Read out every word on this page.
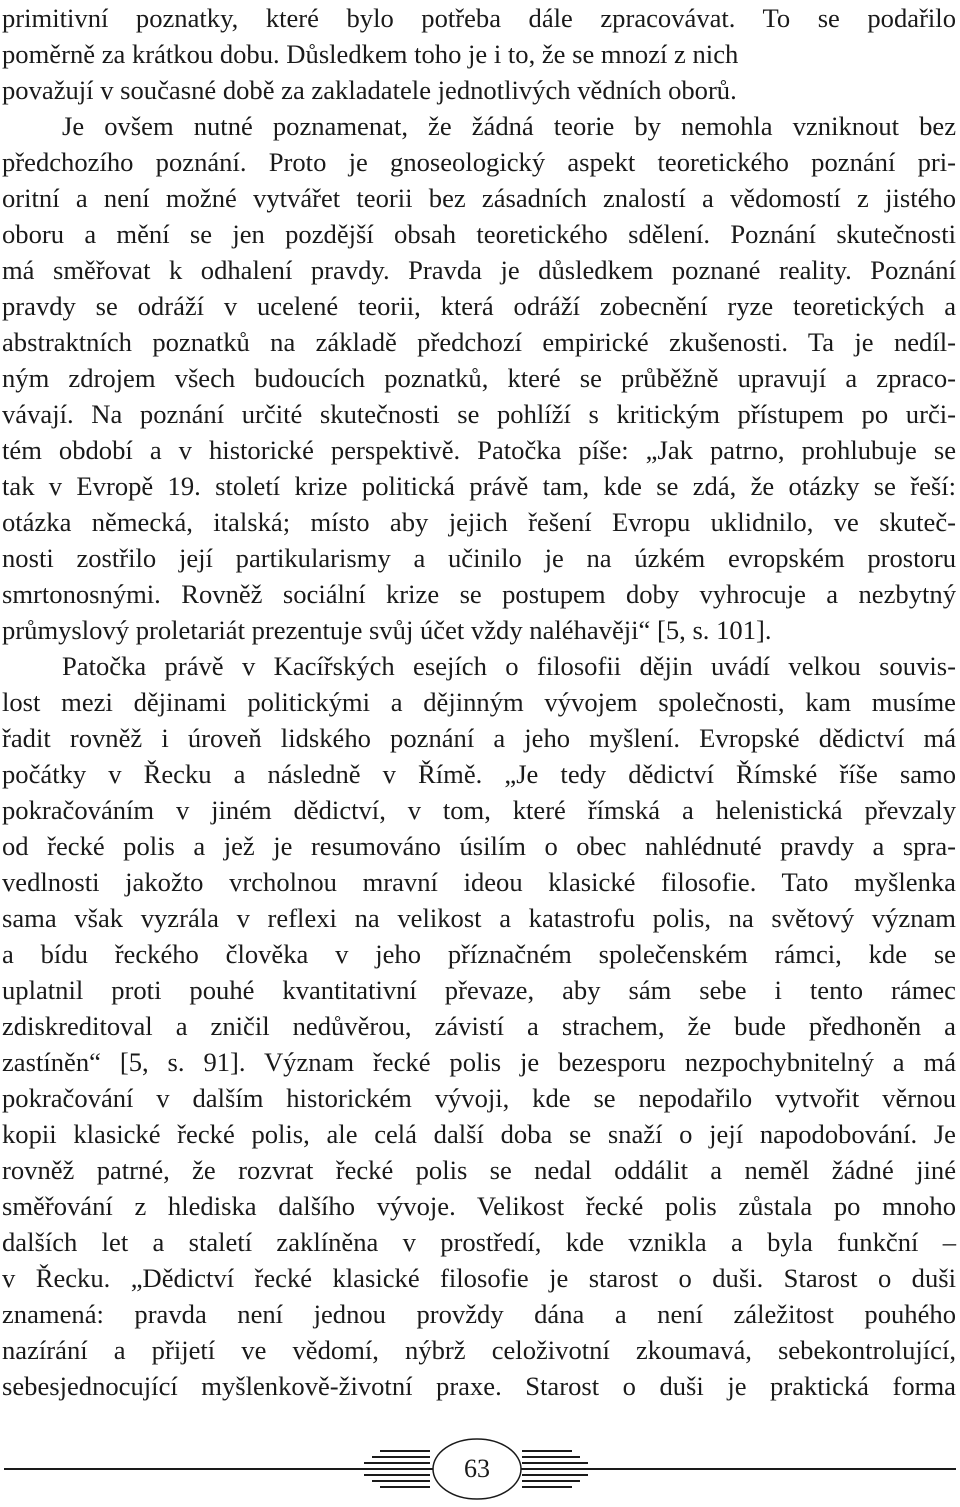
primitivní poznatky, které bylo potřeba dále zpracovávat. To se podařilo
poměrně za krátkou dobu. Důsledkem toho je i to, že se mnozí z nich
považují v současné době za zakladatele jednotlivých vědních oborů.
Je ovšem nutné poznamenat, že žádná teorie by nemohla vzniknout bez
předchozího poznání. Proto je gnoseologický aspekt teoretického poznání pri-
oritní a není možné vytvářet teorii bez zásadních znalostí a vědomostí z jistého
oboru a mění se jen pozdější obsah teoretického sdělení. Poznání skutečnosti
má směřovat k odhalení pravdy. Pravda je důsledkem poznané reality. Poznání
pravdy se odráží v ucelené teorii, která odráží zobecnění ryze teoretických a
abstraktních poznatků na základě předchozí empirické zkušenosti. Ta je nedíl-
ným zdrojem všech budoucích poznatků, které se průběžně upravují a zpraco-
vávají. Na poznání určité skutečnosti se pohlíží s kritickým přístupem po urči-
tém období a v historické perspektivě. Patočka píše: „Jak patrno, prohlubuje se
tak v Evropě 19. století krize politická právě tam, kde se zdá, že otázky se řeší:
otázka německá, italská; místo aby jejich řešení Evropu uklidnilo, ve skuteč-
nosti zostřilo její partikularismy a učinilo je na úzkém evropském prostoru
smrtonosnými. Rovněž sociální krize se postupem doby vyhrocuje a nezbytný
průmyslový proletariát prezentuje svůj účet vždy naléhavěji“ [5, s. 101].
Patočka právě v Kacířských esejích o filosofii dějin uvádí velkou souvis-
lost mezi dějinami politickými a dějinným vývojem společnosti, kam musíme
řadit rovněž i úroveň lidského poznání a jeho myšlení. Evropské dědictví má
počátky v Řecku a následně v Římě. „Je tedy dědictví Římské říše samo
pokračováním v jiném dědictví, v tom, které římská a helenistická převzaly
od řecké polis a jež je resumováno úsilím o obec nahlédnuté pravdy a spra-
vedlnosti jakožto vrcholnou mravní ideou klasické filosofie. Tato myšlenka
sama však vyzrála v reflexi na velikost a katastrofu polis, na světový význam
a bídu řeckého člověka v jeho příznačném společenském rámci, kde se
uplatnil proti pouhé kvantitativní převaze, aby sám sebe i tento rámec
zdiskreditoval a zničil nedůvěrou, závistí a strachem, že bude předhoněn a
zastíněn“ [5, s. 91]. Význam řecké polis je bezesporu nezpochybnitelný a má
pokračování v dalším historickém vývoji, kde se nepodařilo vytvořit věrnou
kopii klasické řecké polis, ale celá další doba se snaží o její napodobování. Je
rovněž patrné, že rozvrat řecké polis se nedal oddálit a neměl žádné jiné
směřování z hlediska dalšího vývoje. Velikost řecké polis zůstala po mnoho
dalších let a staletí zaklíněna v prostředí, kde vznikla a byla funkční –
v Řecku. „Dědictví řecké klasické filosofie je starost o duši. Starost o duši
znamená: pravda není jednou provždy dána a není záležitost pouhého
nazírání a přijetí ve vědomí, nýbrž celoživotní zkoumavá, sebekontrolující,
sebesjednocující myšlenkově-životní praxe. Starost o duši je praktická forma
63
